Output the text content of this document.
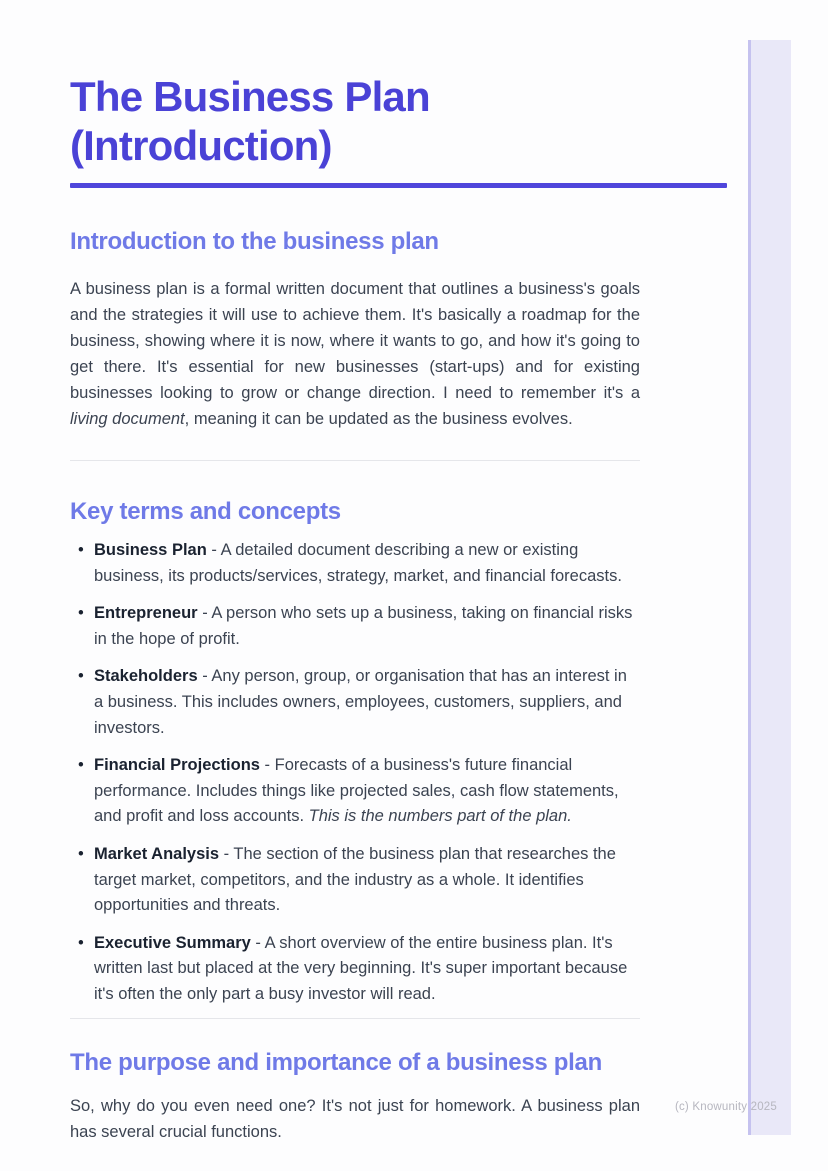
The Business Plan (Introduction)
Introduction to the business plan

A business plan is a formal written document that outlines a business's goals and the strategies it will use to achieve them. It's basically a roadmap for the business, showing where it is now, where it wants to go, and how it's going to get there. It's essential for new businesses (start-ups) and for existing businesses looking to grow or change direction. I need to remember it's a living document, meaning it can be updated as the business evolves.

Key terms and concepts
• Business Plan - A detailed document describing a new or existing business, its products/services, strategy, market, and financial forecasts.
• Entrepreneur - A person who sets up a business, taking on financial risks in the hope of profit.
• Stakeholders - Any person, group, or organisation that has an interest in a business. This includes owners, employees, customers, suppliers, and investors.
• Financial Projections - Forecasts of a business's future financial performance. Includes things like projected sales, cash flow statements, and profit and loss accounts. This is the numbers part of the plan.
• Market Analysis - The section of the business plan that researches the target market, competitors, and the industry as a whole. It identifies opportunities and threats.
• Executive Summary - A short overview of the entire business plan. It's written last but placed at the very beginning. It's super important because it's often the only part a busy investor will read.
The purpose and importance of a business plan

So, why do you even need one? It's not just for homework. A business plan has several crucial functions.

(c) Knowunity 2025
